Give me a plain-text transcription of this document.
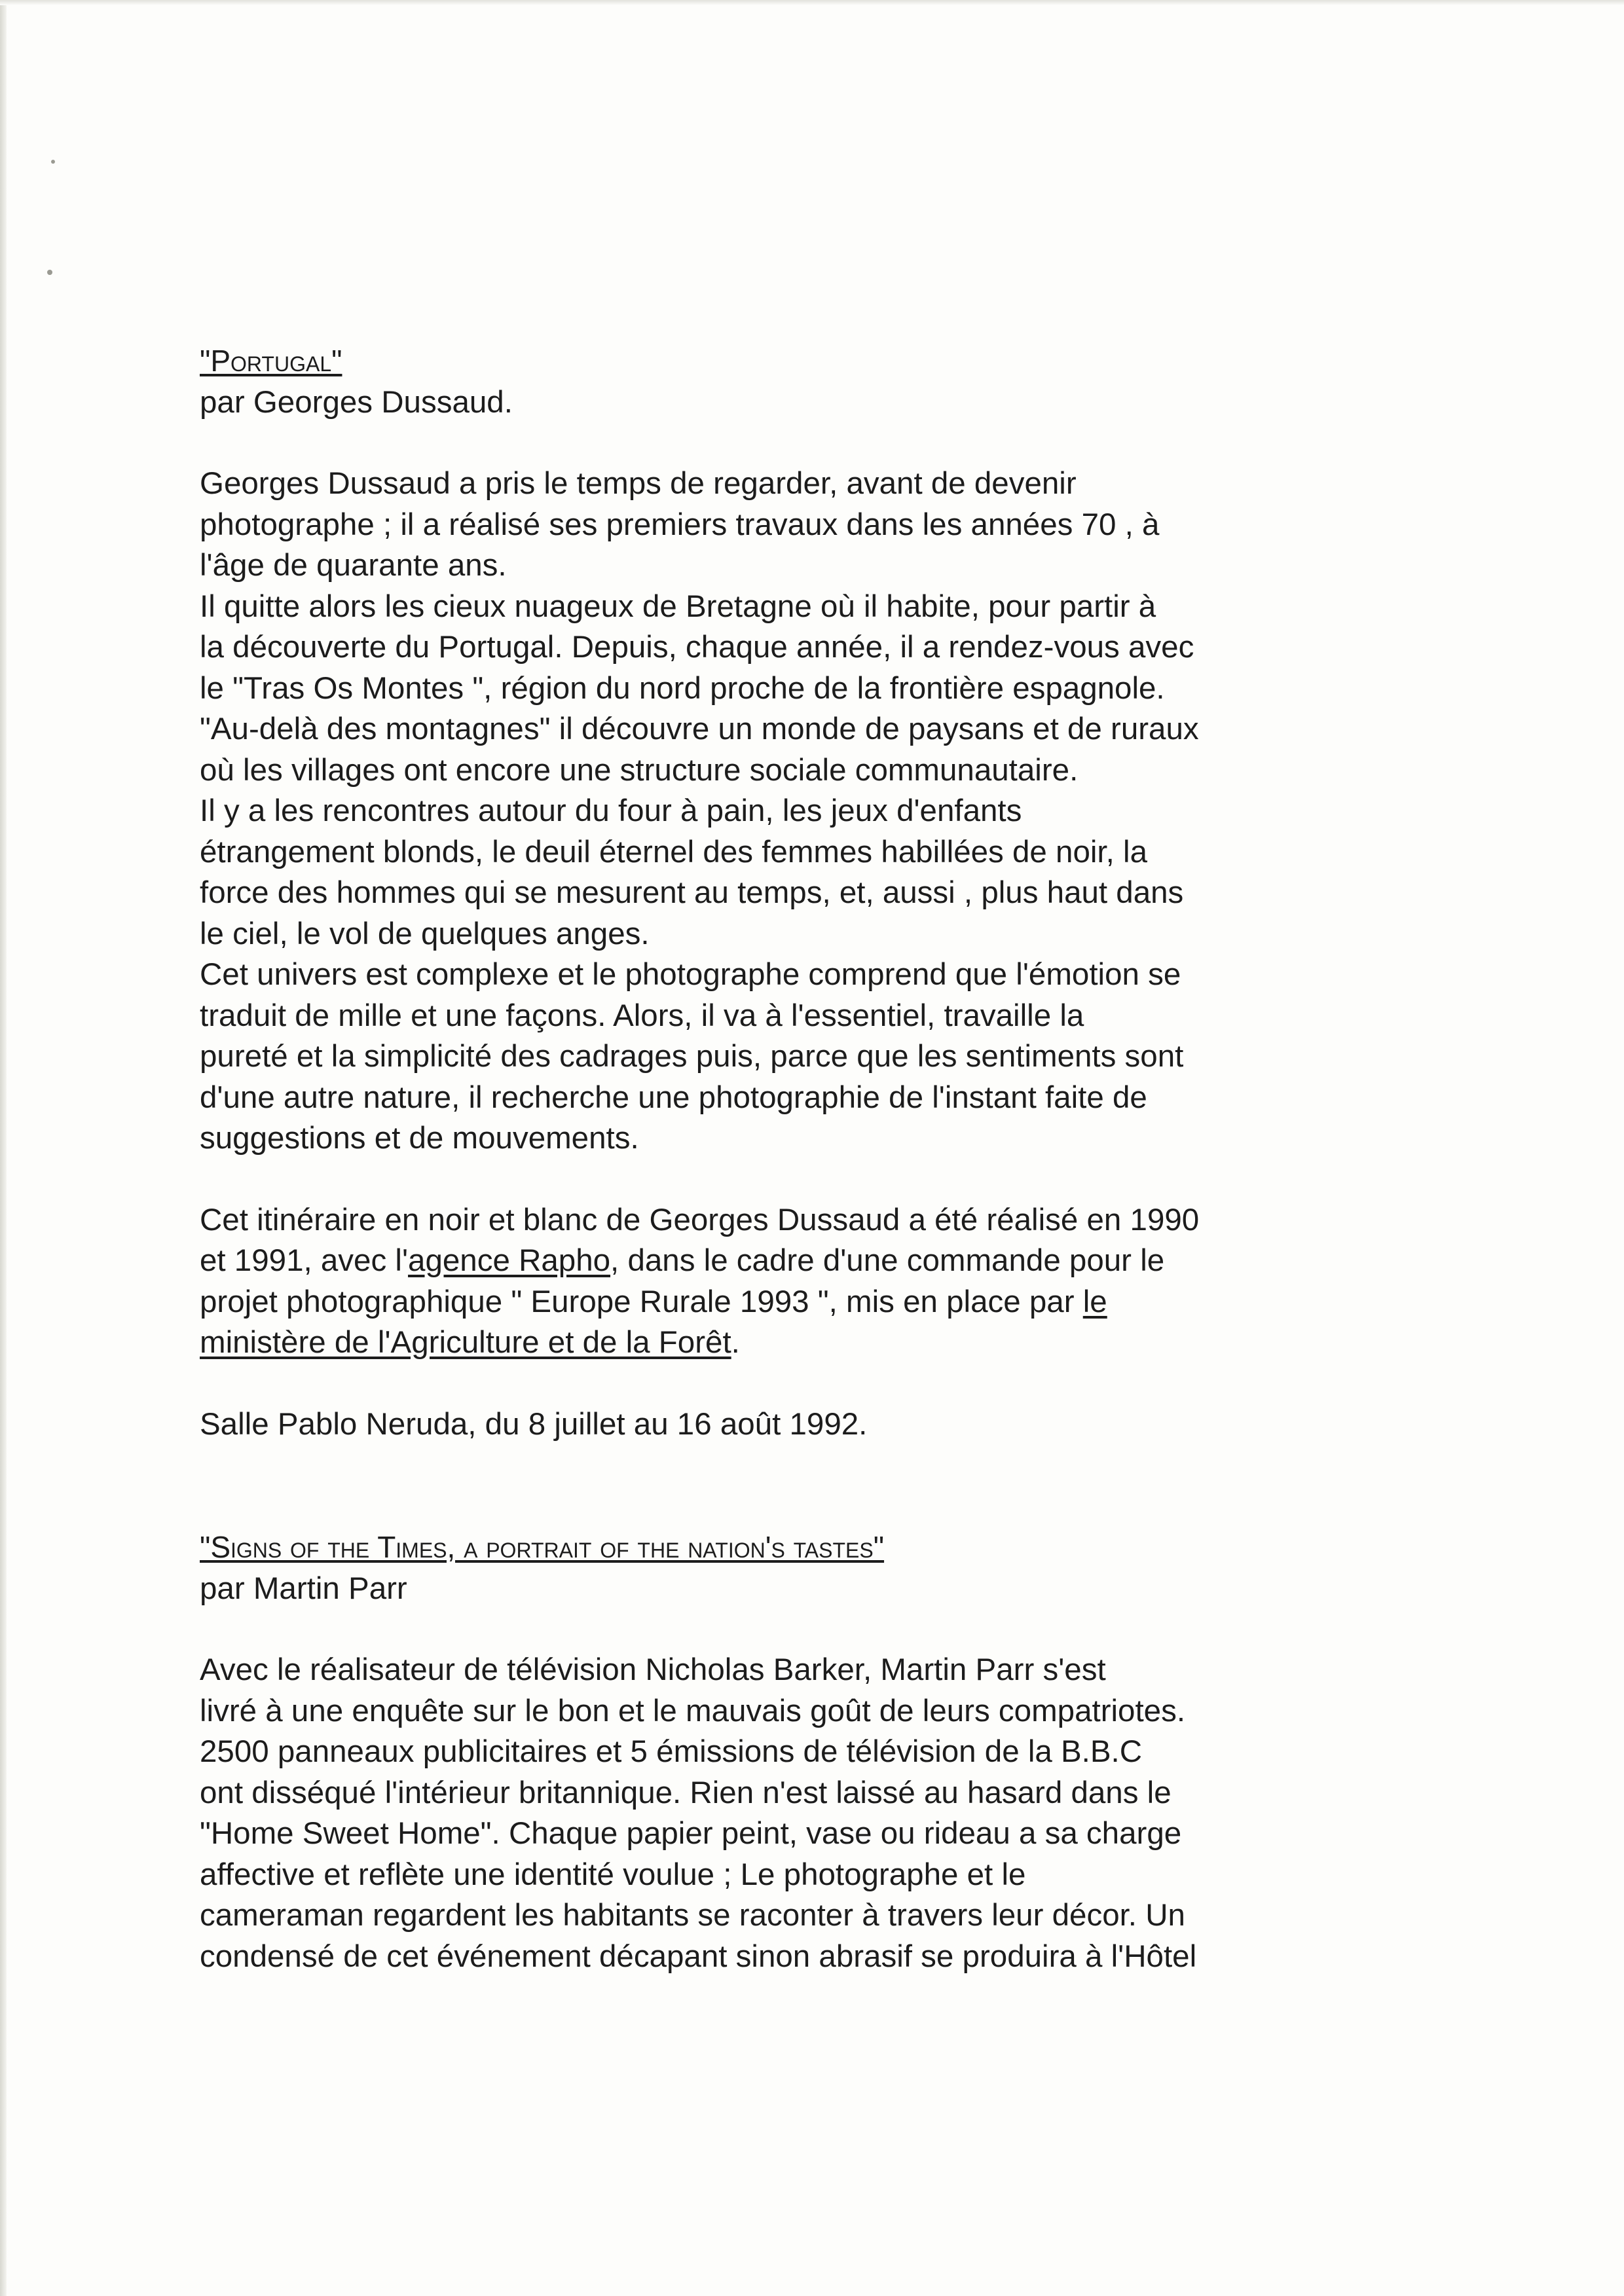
"Portugal"
par Georges Dussaud.
Georges Dussaud a pris le temps de regarder, avant de devenir
photographe ; il a réalisé ses premiers travaux dans les années 70 , à
l'âge de quarante ans.
Il quitte alors les cieux nuageux de Bretagne où il habite, pour partir à
la découverte du Portugal. Depuis, chaque année, il a rendez-vous avec
le "Tras Os Montes ", région du nord proche de la frontière espagnole.
"Au-delà des montagnes" il découvre un monde de paysans et de ruraux
où les villages ont encore une structure sociale communautaire.
Il y a les rencontres autour du four à pain, les jeux d'enfants
étrangement blonds, le deuil éternel des femmes habillées de noir, la
force des hommes qui se mesurent au temps, et, aussi , plus haut dans
le ciel, le vol de quelques anges.
Cet univers est complexe et le photographe comprend que l'émotion se
traduit de mille et une façons. Alors, il va à l'essentiel, travaille la
pureté et la simplicité des cadrages puis, parce que les sentiments sont
d'une autre nature, il recherche une photographie de l'instant faite de
suggestions et de mouvements.
Cet itinéraire en noir et blanc de Georges Dussaud a été réalisé en 1990
et 1991, avec l'agence Rapho, dans le cadre d'une commande pour le
projet photographique " Europe Rurale 1993 ", mis en place par le
ministère de l'Agriculture et de la Forêt.
Salle Pablo Neruda, du 8 juillet au 16 août 1992.
"Signs of the Times, a portrait of the nation's tastes"
par Martin Parr
Avec le réalisateur de télévision Nicholas Barker, Martin Parr s'est
livré à une enquête sur le bon et le mauvais goût de leurs compatriotes.
2500 panneaux publicitaires et 5 émissions de télévision de la B.B.C
ont disséqué l'intérieur britannique. Rien n'est laissé au hasard dans le
"Home Sweet Home". Chaque papier peint, vase ou rideau a sa charge
affective et reflète une identité voulue ; Le photographe et le
cameraman regardent les habitants se raconter à travers leur décor. Un
condensé de cet événement décapant sinon abrasif se produira à l'Hôtel
